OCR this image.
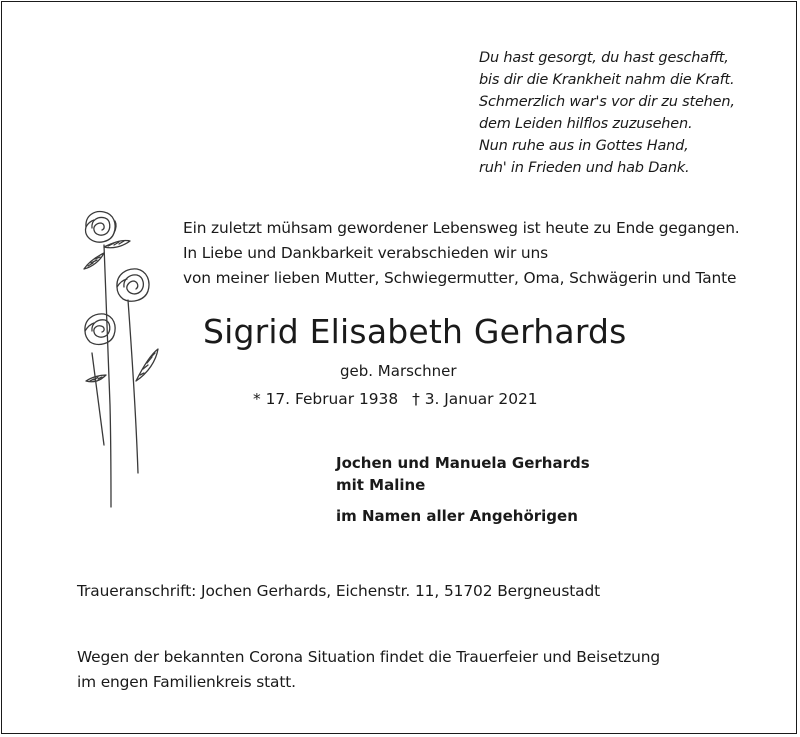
Du hast gesorgt, du hast geschafft,
bis dir die Krankheit nahm die Kraft.
Schmerzlich war's vor dir zu stehen,
dem Leiden hilflos zuzusehen.
Nun ruhe aus in Gottes Hand,
ruh' in Frieden und hab Dank.
Ein zuletzt mühsam gewordener Lebensweg ist heute zu Ende gegangen.
In Liebe und Dankbarkeit verabschieden wir uns
von meiner lieben Mutter, Schwiegermutter, Oma, Schwägerin und Tante
Sigrid Elisabeth Gerhards
geb. Marschner
* 17. Februar 1938 † 3. Januar 2021
Jochen und Manuela Gerhards
mit Maline
im Namen aller Angehörigen
Traueranschrift: Jochen Gerhards, Eichenstr. 11, 51702 Bergneustadt
Wegen der bekannten Corona Situation findet die Trauerfeier und Beisetzung
im engen Familienkreis statt.
